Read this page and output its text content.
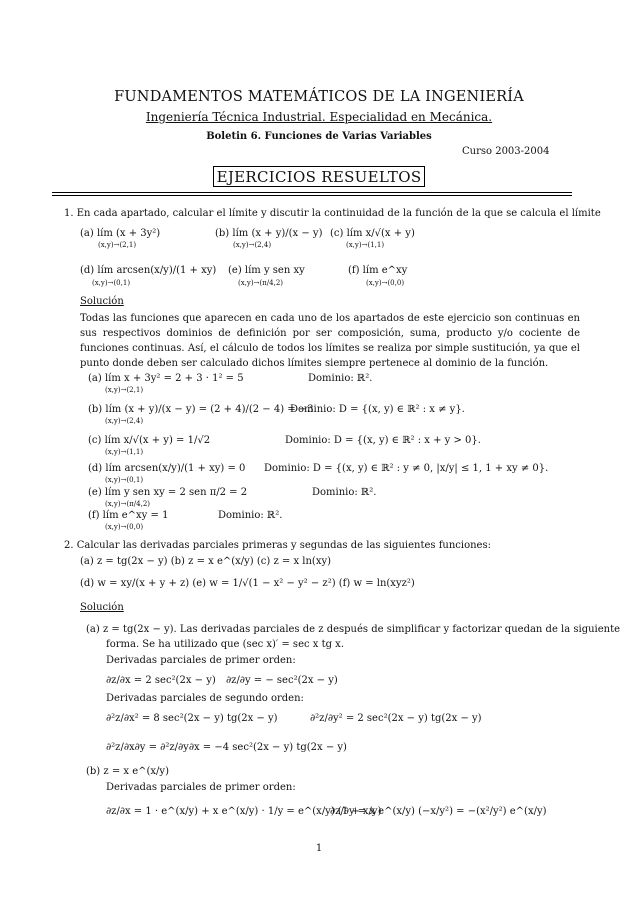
FUNDAMENTOS MATEMÁTICOS DE LA INGENIERÍA
Ingeniería Técnica Industrial. Especialidad en Mecánica.
Boletin 6. Funciones de Varias Variables
Curso 2003-2004
EJERCICIOS RESUELTOS
1. En cada apartado, calcular el límite y discutir la continuidad de la función de la que se calcula el límite
(a) lím (x + 3y²)
(x,y)→(2,1)
(b) lím (x + y)/(x − y)
(x,y)→(2,4)
(c) lím x/√(x + y)
(x,y)→(1,1)
(d) lím arcsen(x/y)/(1 + xy)
(x,y)→(0,1)
(e) lím y sen xy
(x,y)→(π/4,2)
(f) lím e^xy
(x,y)→(0,0)
Solución
Todas las funciones que aparecen en cada uno de los apartados de este ejercicio son continuas en sus respectivos dominios de definición por ser composición, suma, producto y/o cociente de funciones continuas. Así, el cálculo de todos los límites se realiza por simple sustitución, ya que el punto donde deben ser calculado dichos límites siempre pertenece al dominio de la función.
(a) lím x + 3y² = 2 + 3 · 1² = 5
(x,y)→(2,1)
Dominio: ℝ².
(b) lím (x + y)/(x − y) = (2 + 4)/(2 − 4) = −3
(x,y)→(2,4)
Dominio: D = {(x, y) ∈ ℝ² : x ≠ y}.
(c) lím x/√(x + y) = 1/√2
(x,y)→(1,1)
Dominio: D = {(x, y) ∈ ℝ² : x + y > 0}.
(d) lím arcsen(x/y)/(1 + xy) = 0
(x,y)→(0,1)
Dominio: D = {(x, y) ∈ ℝ² : y ≠ 0, |x/y| ≤ 1, 1 + xy ≠ 0}.
(e) lím y sen xy = 2 sen π/2 = 2
(x,y)→(π/4,2)
Dominio: ℝ².
(f) lím e^xy = 1
(x,y)→(0,0)
Dominio: ℝ².
2. Calcular las derivadas parciales primeras y segundas de las siguientes funciones:
(a) z = tg(2x − y) (b) z = x e^(x/y) (c) z = x ln(xy)
(d) w = xy/(x + y + z) (e) w = 1/√(1 − x² − y² − z²) (f) w = ln(xyz²)
Solución
(a) z = tg(2x − y). Las derivadas parciales de z después de simplificar y factorizar quedan de la siguiente
forma. Se ha utilizado que (sec x)′ = sec x tg x.
Derivadas parciales de primer orden:
∂z/∂x = 2 sec²(2x − y) ∂z/∂y = − sec²(2x − y)
Derivadas parciales de segundo orden:
∂²z/∂x² = 8 sec²(2x − y) tg(2x − y)	∂²z/∂y² = 2 sec²(2x − y) tg(2x − y)
∂²z/∂x∂y = ∂²z/∂y∂x = −4 sec²(2x − y) tg(2x − y)
(b) z = x e^(x/y)
Derivadas parciales de primer orden:
∂z/∂x = 1 · e^(x/y) + x e^(x/y) · 1/y = e^(x/y) (1 + x/y)
∂z/∂y = x e^(x/y) (−x/y²) = −(x²/y²) e^(x/y)
1
